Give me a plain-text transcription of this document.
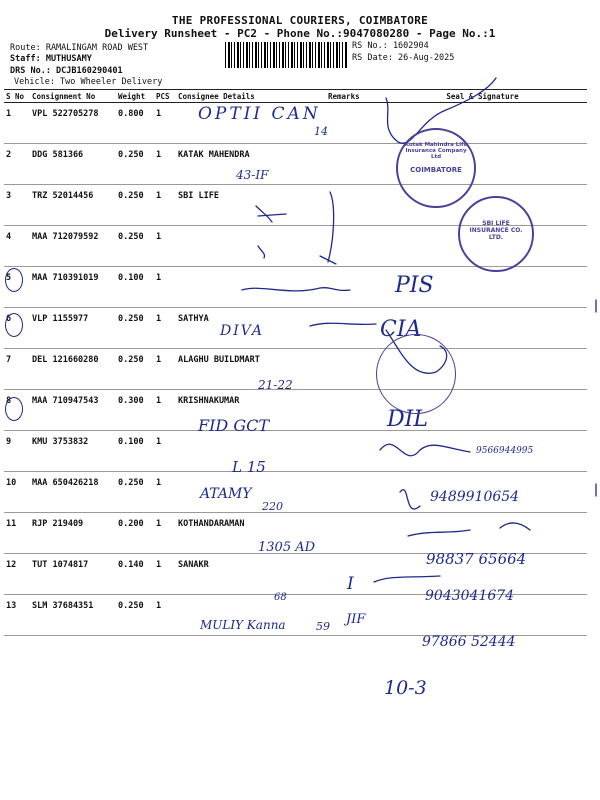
THE PROFESSIONAL COURIERS, COIMBATORE
Delivery Runsheet - PC2 - Phone No.:9047080280 - Page No.:1
Route: RAMALINGAM ROAD WEST
Staff: MUTHUSAMY
DRS No.: DCJB160290401
Vehicle: Two Wheeler Delivery
RS No.: 1602904
RS Date: 26-Aug-2025
S No	Consignment No	Weight	PCS	Consignee Details	Remarks	Seal & Signature
1	VPL 522705278	0.800	1			
2	DDG 581366	0.250	1	KATAK MAHENDRA		
3	TRZ 52014456	0.250	1	SBI LIFE		
4	MAA 712079592	0.250	1			
5	MAA 710391019	0.100	1			
6	VLP 1155977	0.250	1	SATHYA		
7	DEL 121660280	0.250	1	ALAGHU BUILDMART		
8	MAA 710947543	0.300	1	KRISHNAKUMAR		
9	KMU 3753832	0.100	1			
10	MAA 650426218	0.250	1			
11	RJP 219409	0.200	1	KOTHANDARAMAN		
12	TUT 1074817	0.140	1	SANAKR		
13	SLM 37684351	0.250	1			
OPTII CAN
14
43-IF
PIS
DIVA	CIA
21-22
FID GCT	DIL
L 15
9566944995
ATAMY
220
9489910654
1305 AD
98837 65664
I
68	9043041674
MULIY Kanna	59 JIF
97866 52444
10-3
Kotak Mahindra Life Insurance Company Ltd
COIMBATORE
SBI LIFE INSURANCE CO. LTD.
